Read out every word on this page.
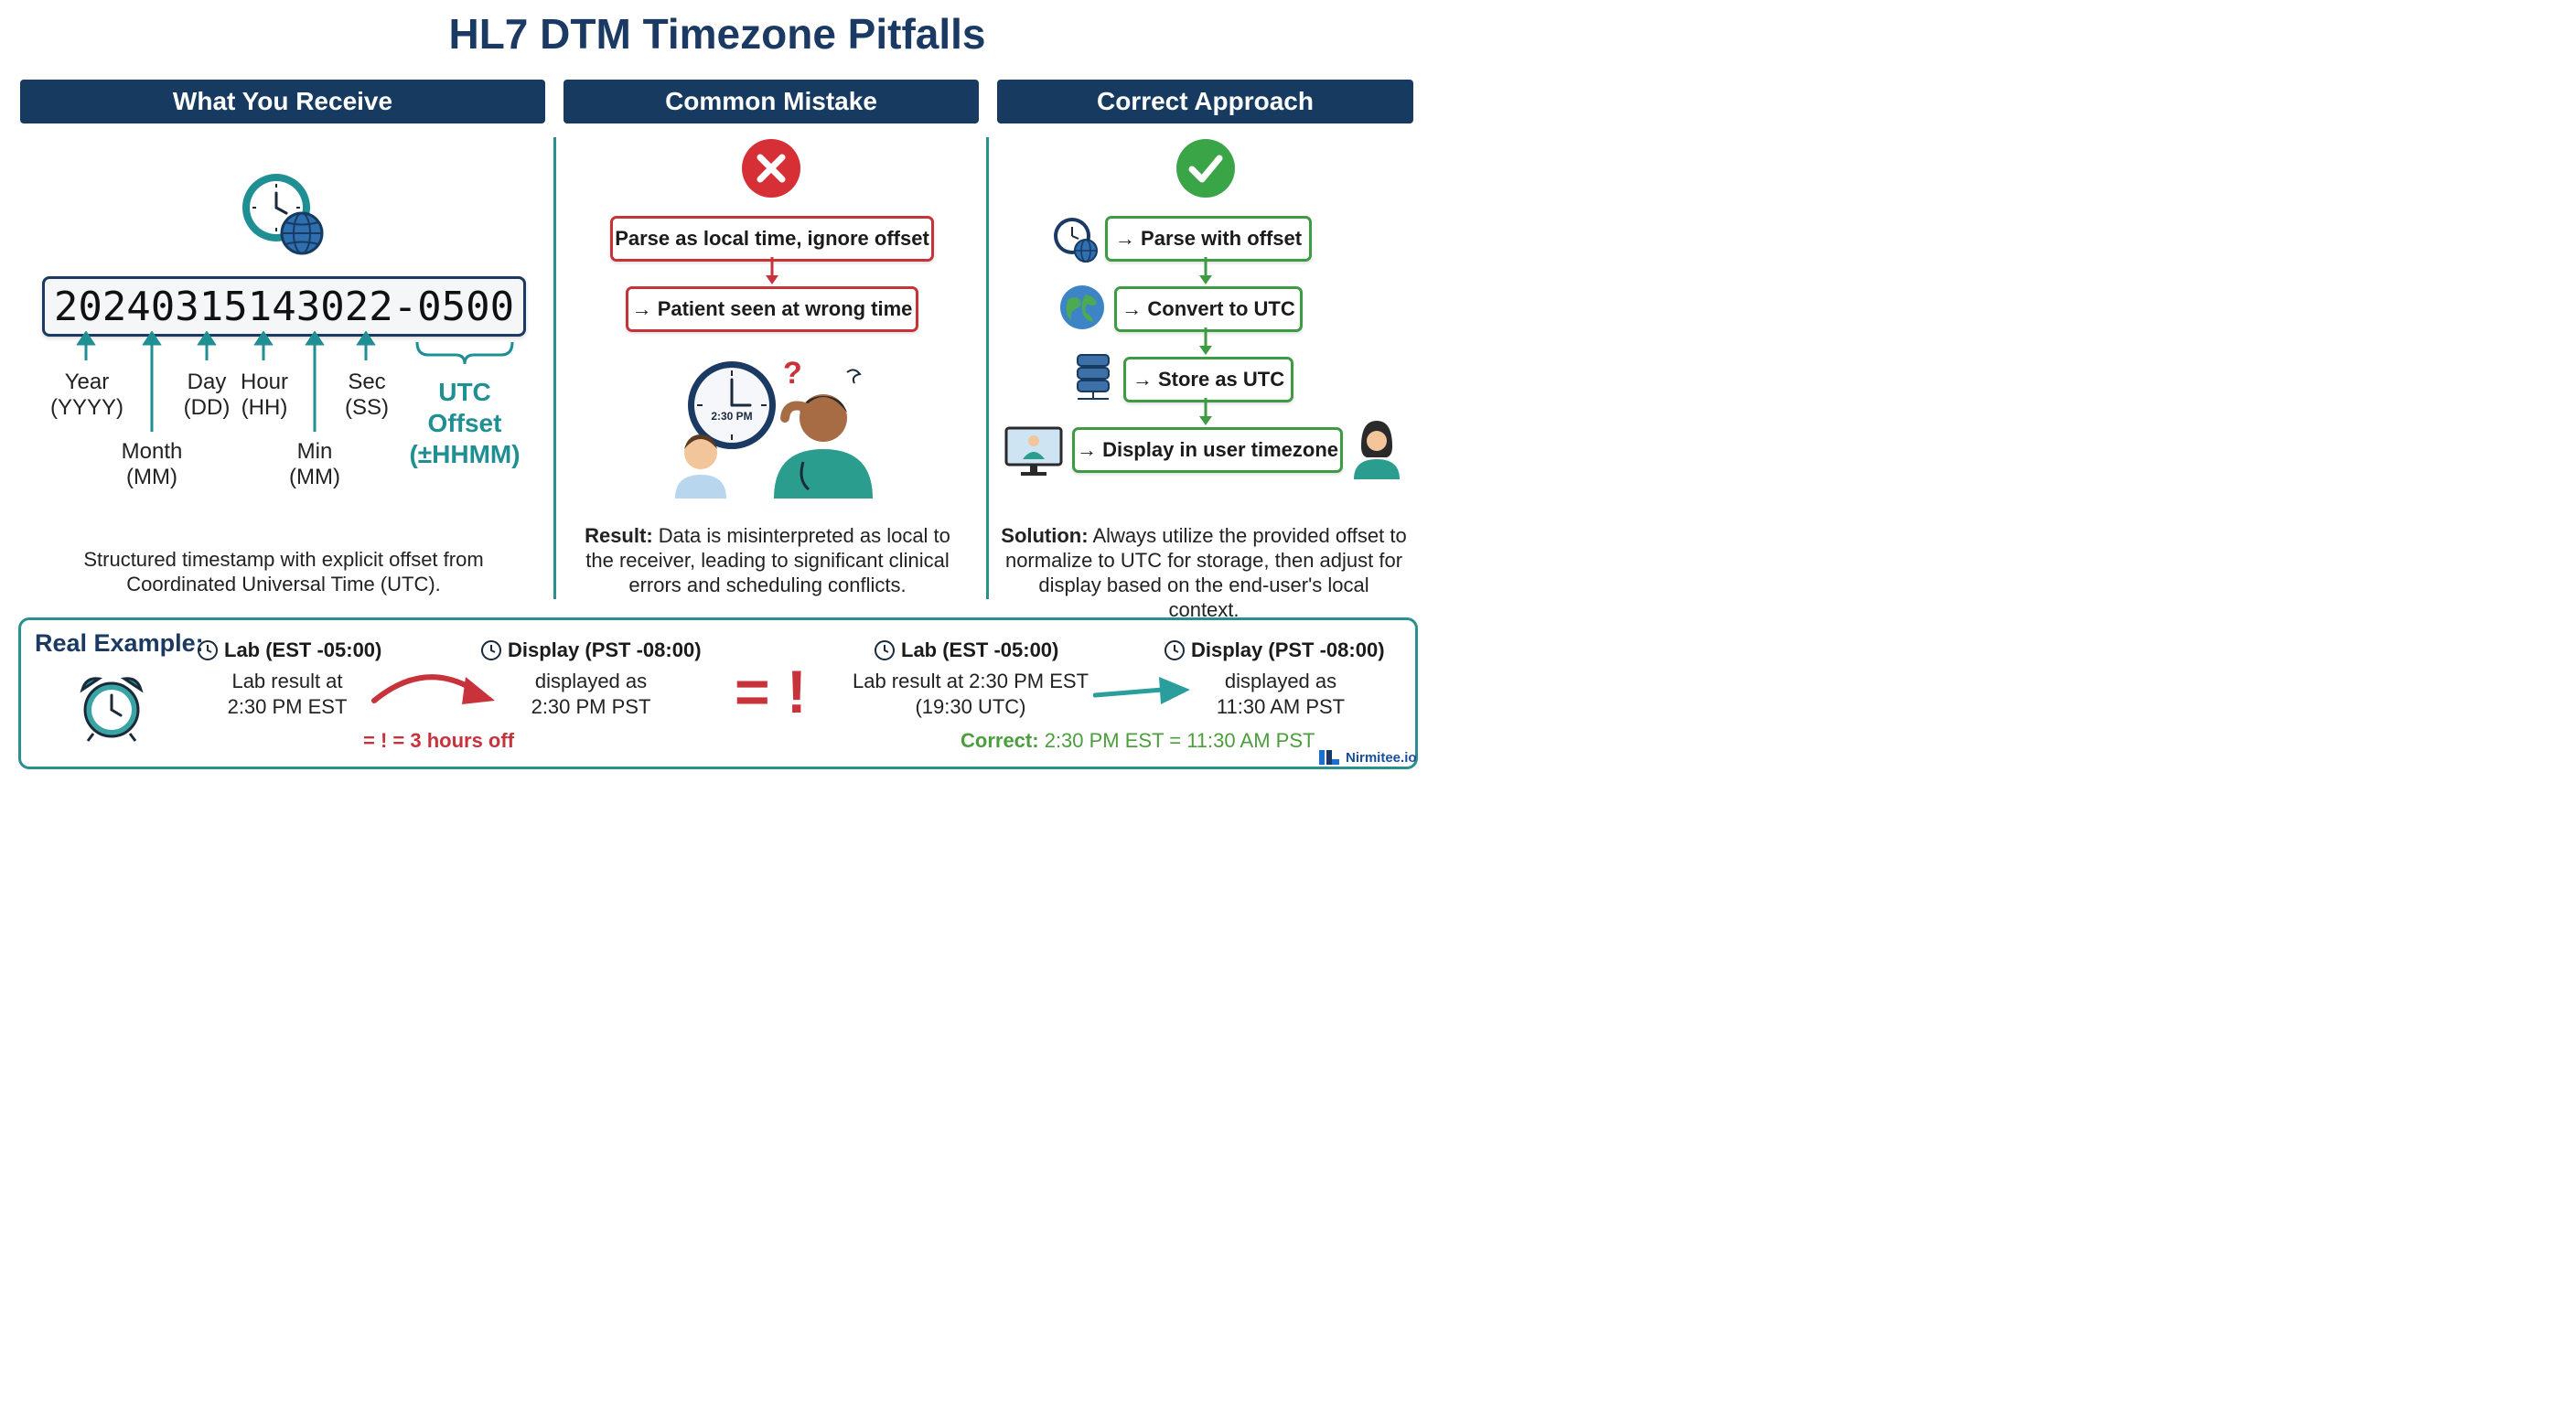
HL7 DTM Timezone Pitfalls
What You Receive	Common Mistake	Correct Approach
20240315143022-0500
Year
(YYYY)
Month
(MM)
Day
(DD)
Hour
(HH)
Min
(MM)
Sec
(SS)
UTC Offset
(±HHMM)
Structured timestamp with explicit offset from Coordinated Universal Time (UTC).
Parse as local time, ignore offset
→ Patient seen at wrong time
2:30 PM
?
Result: Data is misinterpreted as local to the receiver, leading to significant clinical errors and scheduling conflicts.
→ Parse with offset
→ Convert to UTC
→ Store as UTC
→ Display in user timezone
Solution: Always utilize the provided offset to normalize to UTC for storage, then adjust for display based on the end-user's local context.
Real Example: Lab (EST -05:00)
Lab result at
2:30 PM EST
Display (PST -08:00)
displayed as
2:30 PM PST
= ! = 3 hours off
= !
Lab (EST -05:00)
Lab result at 2:30 PM EST
(19:30 UTC)
Display (PST -08:00)
displayed as
11:30 AM PST
Correct: 2:30 PM EST = 11:30 AM PST
Nirmitee.io
